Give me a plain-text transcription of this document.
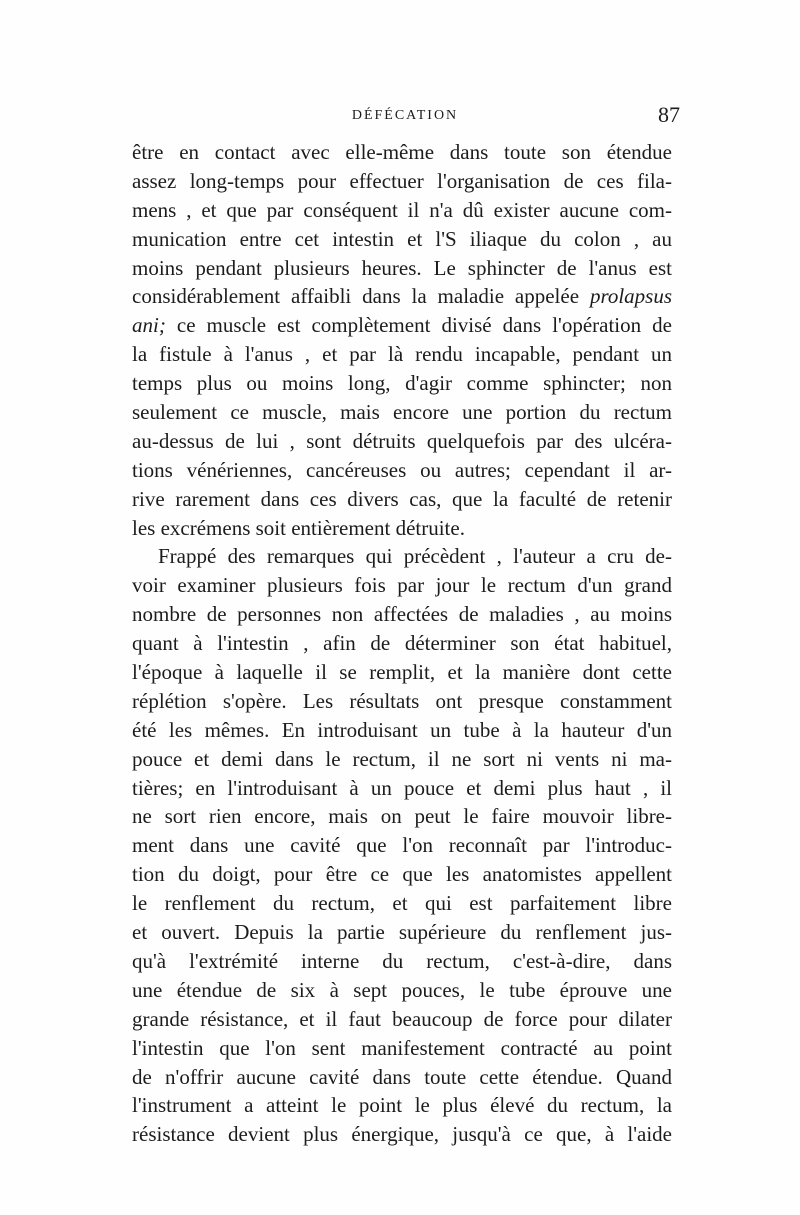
DÉFÉCATION	87
être en contact avec elle-même dans toute son étendue
assez long-temps pour effectuer l'organisation de ces fila-
mens , et que par conséquent il n'a dû exister aucune com-
munication entre cet intestin et l'S iliaque du colon , au
moins pendant plusieurs heures. Le sphincter de l'anus est
considérablement affaibli dans la maladie appelée prolapsus
ani; ce muscle est complètement divisé dans l'opération de
la fistule à l'anus , et par là rendu incapable, pendant un
temps plus ou moins long, d'agir comme sphincter; non
seulement ce muscle, mais encore une portion du rectum
au-dessus de lui , sont détruits quelquefois par des ulcéra-
tions vénériennes, cancéreuses ou autres; cependant il ar-
rive rarement dans ces divers cas, que la faculté de retenir
les excrémens soit entièrement détruite.
Frappé des remarques qui précèdent , l'auteur a cru de-
voir examiner plusieurs fois par jour le rectum d'un grand
nombre de personnes non affectées de maladies , au moins
quant à l'intestin , afin de déterminer son état habituel,
l'époque à laquelle il se remplit, et la manière dont cette
réplétion s'opère. Les résultats ont presque constamment
été les mêmes. En introduisant un tube à la hauteur d'un
pouce et demi dans le rectum, il ne sort ni vents ni ma-
tières; en l'introduisant à un pouce et demi plus haut , il
ne sort rien encore, mais on peut le faire mouvoir libre-
ment dans une cavité que l'on reconnaît par l'introduc-
tion du doigt, pour être ce que les anatomistes appellent
le renflement du rectum, et qui est parfaitement libre
et ouvert. Depuis la partie supérieure du renflement jus-
qu'à l'extrémité interne du rectum, c'est-à-dire, dans
une étendue de six à sept pouces, le tube éprouve une
grande résistance, et il faut beaucoup de force pour dilater
l'intestin que l'on sent manifestement contracté au point
de n'offrir aucune cavité dans toute cette étendue. Quand
l'instrument a atteint le point le plus élevé du rectum, la
résistance devient plus énergique, jusqu'à ce que, à l'aide
